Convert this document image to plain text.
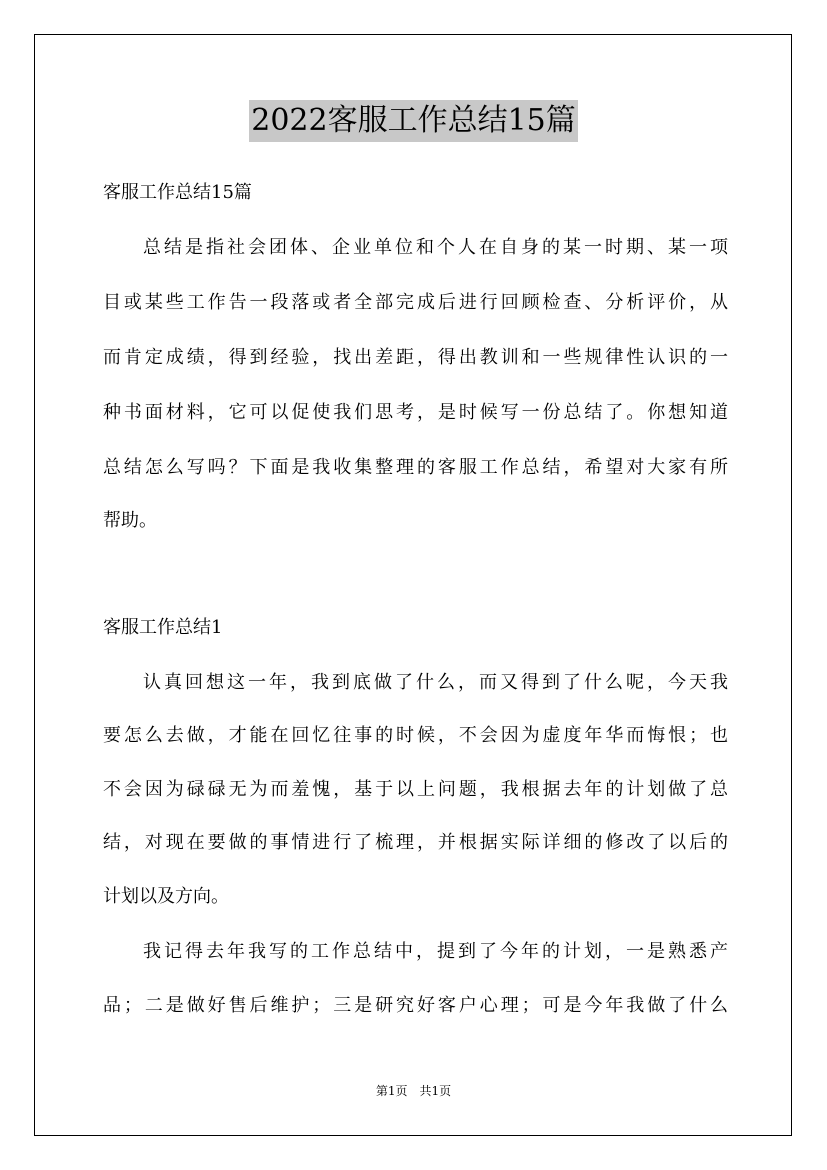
2022客服工作总结15篇
客服工作总结15篇
总结是指社会团体、企业单位和个人在自身的某一时期、某一项
目或某些工作告一段落或者全部完成后进行回顾检查、分析评价，从
而肯定成绩，得到经验，找出差距，得出教训和一些规律性认识的一
种书面材料，它可以促使我们思考，是时候写一份总结了。你想知道
总结怎么写吗？下面是我收集整理的客服工作总结，希望对大家有所
帮助。
客服工作总结1
认真回想这一年，我到底做了什么，而又得到了什么呢，今天我
要怎么去做，才能在回忆往事的时候，不会因为虚度年华而悔恨；也
不会因为碌碌无为而羞愧，基于以上问题，我根据去年的计划做了总
结，对现在要做的事情进行了梳理，并根据实际详细的修改了以后的
计划以及方向。
我记得去年我写的工作总结中，提到了今年的计划，一是熟悉产
品；二是做好售后维护；三是研究好客户心理；可是今年我做了什么
第1页　共1页
